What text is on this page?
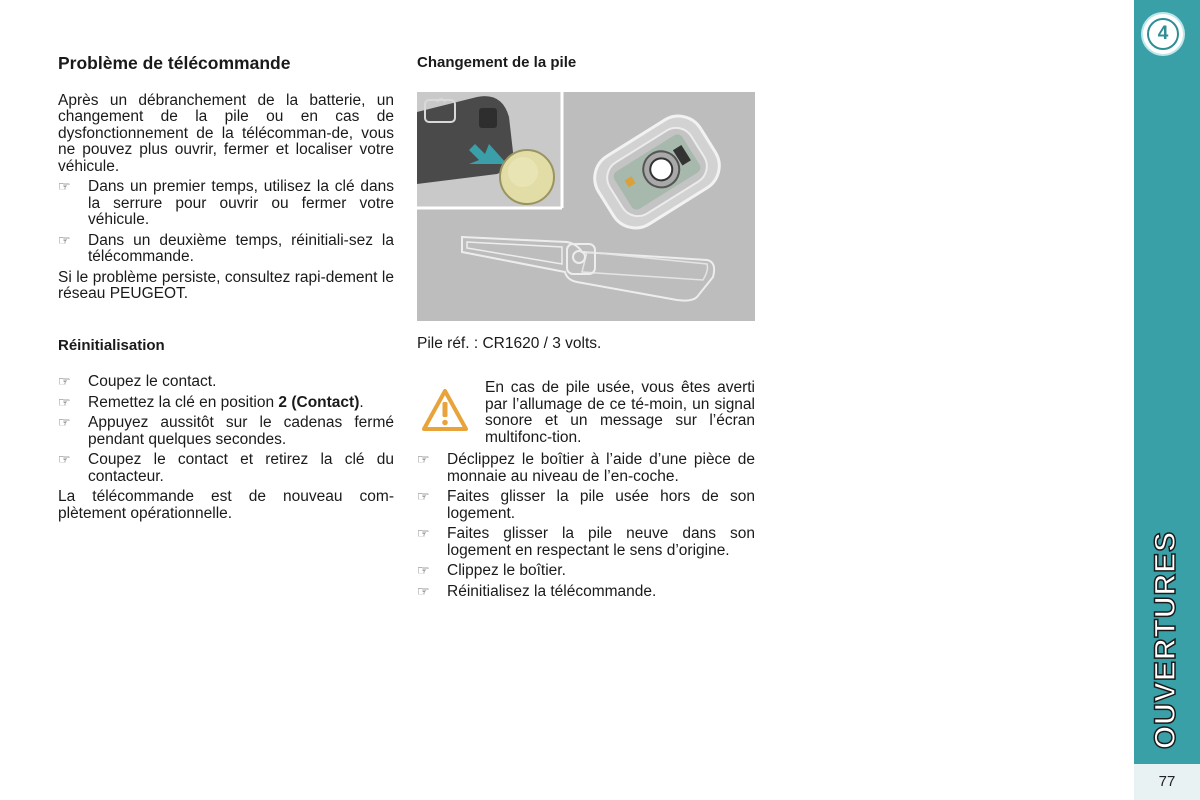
Problème de télécommande

Après un débranchement de la batterie, un changement de la pile ou en cas de dysfonctionnement de la télécomman-de, vous ne pouvez plus ouvrir, fermer et localiser votre véhicule.

☞ Dans un premier temps, utilisez la clé dans la serrure pour ouvrir ou fermer votre véhicule.
☞ Dans un deuxième temps, réinitiali-sez la télécommande.

Si le problème persiste, consultez rapi-dement le réseau PEUGEOT.

Réinitialisation
☞ Coupez le contact.
☞ Remettez la clé en position 2 (Contact).
☞ Appuyez aussitôt sur le cadenas fermé pendant quelques secondes.
☞ Coupez le contact et retirez la clé du contacteur.

La télécommande est de nouveau com-plètement opérationnelle.

Changement de la pile

Pile réf. : CR1620 / 3 volts.

En cas de pile usée, vous êtes averti par l’allumage de ce té-moin, un signal sonore et un message sur l’écran multifonc-tion.
☞ Déclippez le boîtier à l’aide d’une pièce de monnaie au niveau de l’en-coche.
☞ Faites glisser la pile usée hors de son logement.
☞ Faites glisser la pile neuve dans son logement en respectant le sens d’origine.
☞ Clippez le boîtier.
☞ Réinitialisez la télécommande.
4
OUVERTURES
77
